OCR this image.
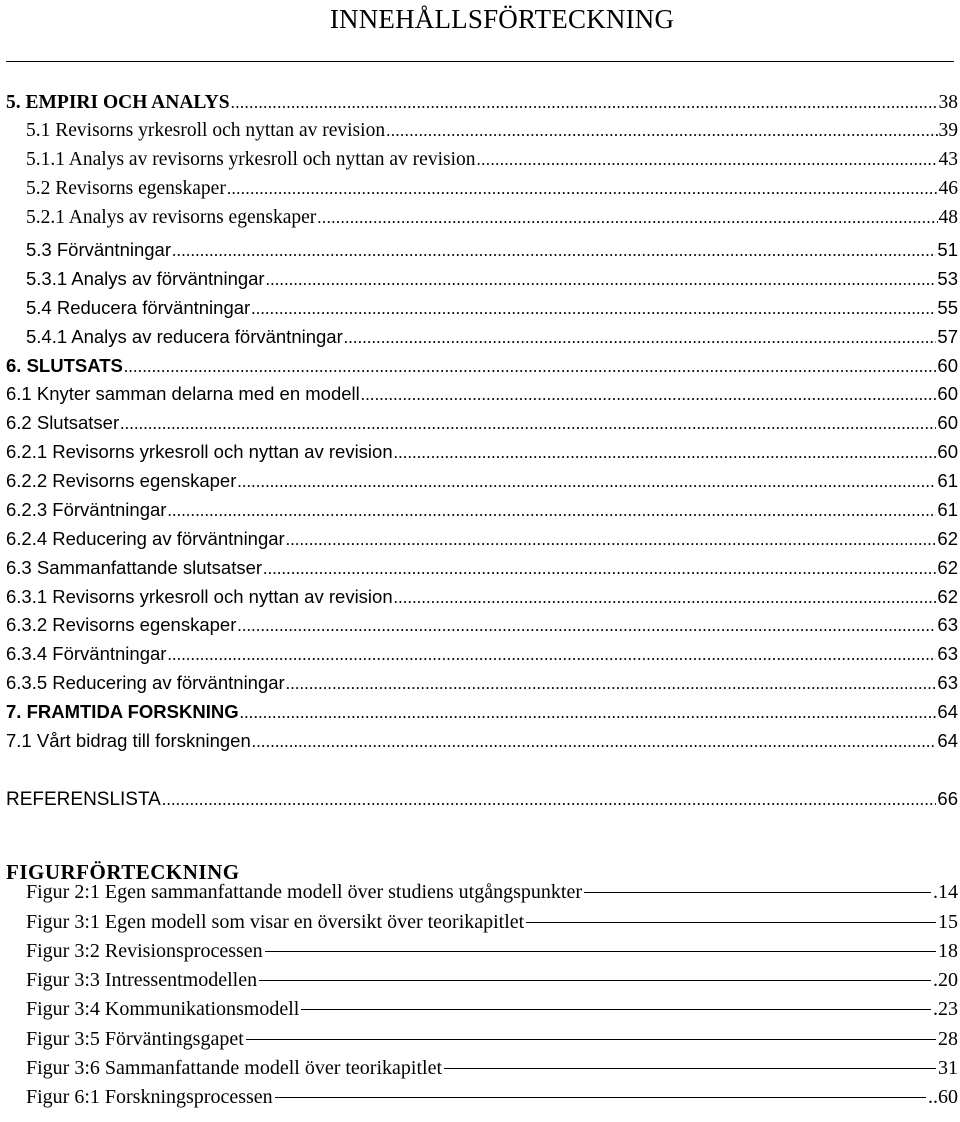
INNEHÅLLSFÖRTECKNING
5. EMPIRI OCH ANALYS .....	38
5.1 Revisorns yrkesroll och nyttan av revision .....	39
5.1.1 Analys av revisorns yrkesroll och nyttan av revision .....	43
5.2 Revisorns egenskaper .....	46
5.2.1 Analys av revisorns egenskaper .....	48
5.3 Förväntningar .....	51
5.3.1 Analys av förväntningar .....	53
5.4 Reducera förväntningar .....	55
5.4.1 Analys av reducera förväntningar .....	57
6. SLUTSATS .....	60
6.1 Knyter samman delarna med en modell .....	60
6.2 Slutsatser .....	60
6.2.1 Revisorns yrkesroll och nyttan av revision .....	60
6.2.2 Revisorns egenskaper .....	61
6.2.3 Förväntningar .....	61
6.2.4 Reducering av förväntningar .....	62
6.3 Sammanfattande slutsatser .....	62
6.3.1 Revisorns yrkesroll och nyttan av revision .....	62
6.3.2 Revisorns egenskaper .....	63
6.3.4 Förväntningar .....	63
6.3.5 Reducering av förväntningar .....	63
7. FRAMTIDA FORSKNING .....	64
7.1 Vårt bidrag till forskningen .....	64
REFERENSLISTA .....	66
FIGURFÖRTECKNING
Figur 2:1 Egen sammanfattande modell över studiens utgångspunkter	. 14
Figur 3:1 Egen modell som visar en översikt över teorikapitlet	15
Figur 3:2 Revisionsprocessen	18
Figur 3:3 Intressentmodellen	. 20
Figur 3:4 Kommunikationsmodell	. 23
Figur 3:5 Förväntingsgapet	28
Figur 3:6 Sammanfattande modell över teorikapitlet	31
Figur 6:1 Forskningsprocessen	.. 60
